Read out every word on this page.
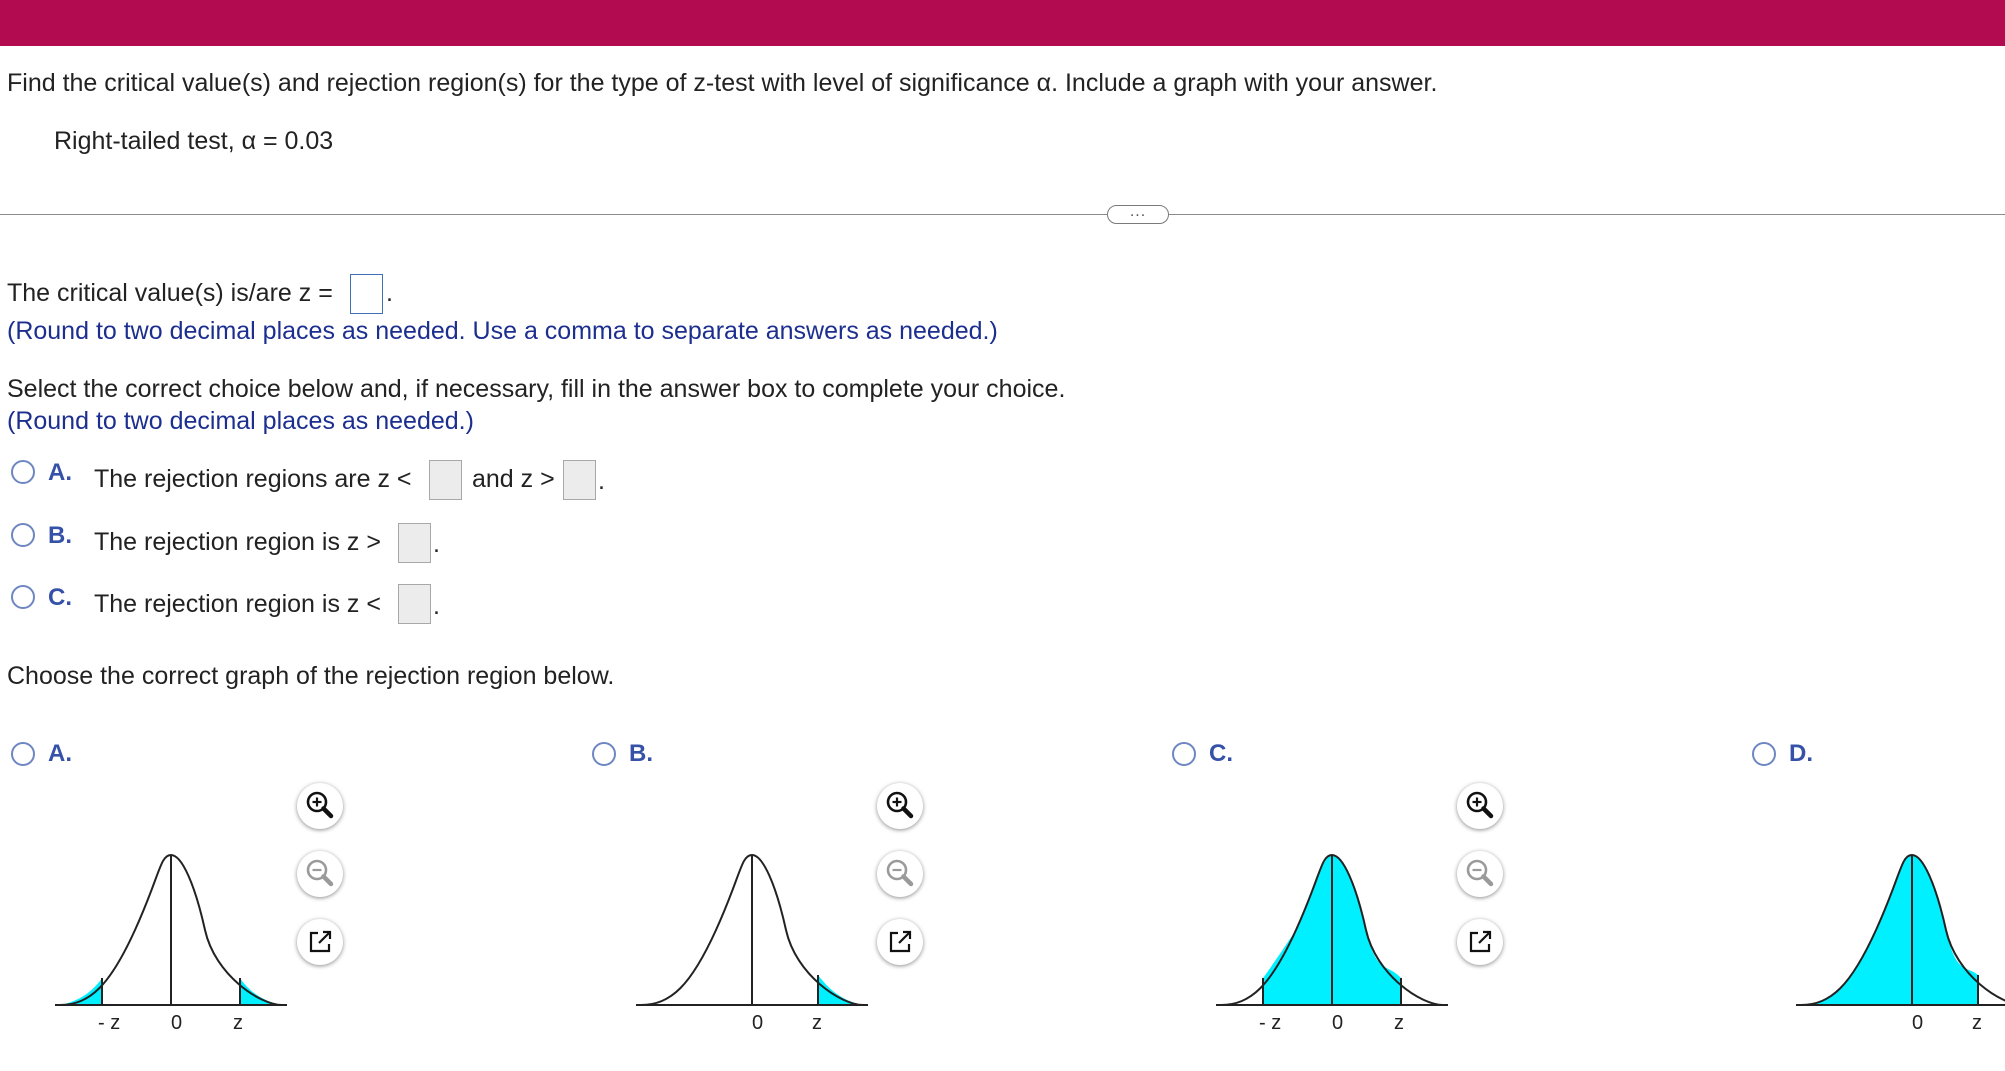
Find the critical value(s) and rejection region(s) for the type of z-test with level of significance α. Include a graph with your answer.
Right-tailed test, α = 0.03
...
The critical value(s) is/are z = .
(Round to two decimal places as needed. Use a comma to separate answers as needed.)
Select the correct choice below and, if necessary, fill in the answer box to complete your choice.
(Round to two decimal places as needed.)
A. The rejection regions are z < and z > .
B. The rejection region is z > .
C. The rejection region is z < .
Choose the correct graph of the rejection region below.
A.
- z	0	z
B.
0 z
C.
- z	0	z
D.
0 z
